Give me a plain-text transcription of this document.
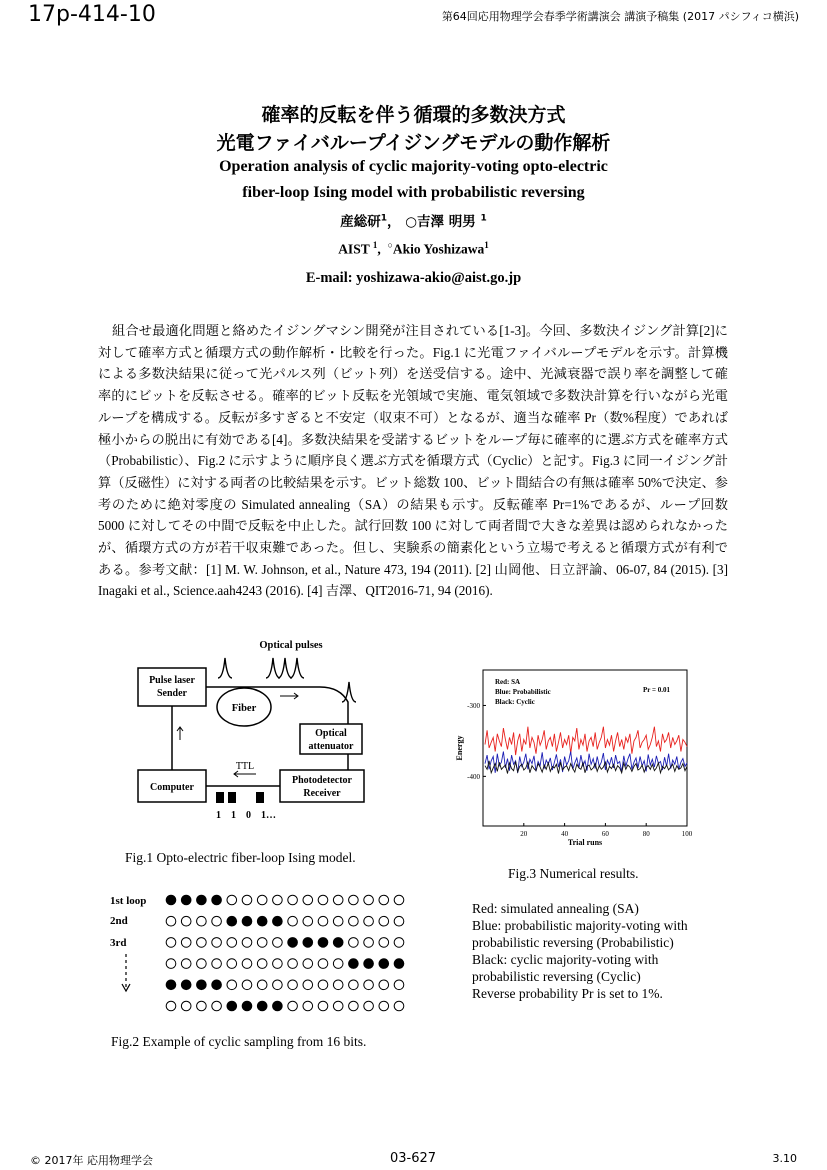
17p-414-10	第64回応用物理学会春季学術講演会 講演予稿集 (2017 パシフィコ横浜)
確率的反転を伴う循環的多数決方式
光電ファイバループイジングモデルの動作解析
Operation analysis of cyclic majority-voting opto-electric
fiber-loop Ising model with probabilistic reversing
産総研$^1$， ○吉澤 明男 $^1$
AIST $^1$, ○Akio Yoshizawa$^1$
E-mail: yoshizawa-akio@aist.go.jp

組合せ最適化問題と絡めたイジングマシン開発が注目されている[1-3]。今回、多数決イジング計算[2]に対して確率方式と循環方式の動作解析・比較を行った。Fig.1 に光電ファイバループモデルを示す。計算機による多数決結果に従って光パルス列（ビット列）を送受信する。途中、光減衰器で誤り率を調整して確率的にビットを反転させる。確率的ビット反転を光領域で実施、電気領域で多数決計算を行いながら光電ループを構成する。反転が多すぎると不安定（収束不可）となるが、適当な確率 Pr（数%程度）であれば極小からの脱出に有効である[4]。多数決結果を受諾するビットをループ毎に確率的に選ぶ方式を確率方式（Probabilistic）、Fig.2 に示すように順序良く選ぶ方式を循環方式（Cyclic）と記す。Fig.3 に同一イジング計算（反磁性）に対する両者の比較結果を示す。ビット総数 100、ビット間結合の有無は確率 50%で決定、参考のために絶対零度の Simulated annealing（SA）の結果も示す。反転確率 Pr=1%であるが、ループ回数 5000 に対してその中間で反転を中止した。試行回数 100 に対して両者間で大きな差異は認められなかったが、循環方式の方が若干収束難であった。但し、実験系の簡素化という立場で考えると循環方式が有利である。参考文献：[1] M. W. Johnson, et al., Nature 473, 194 (2011). [2] 山岡他、日立評論、06-07, 84 (2015). [3] Inagaki et al., Science.aah4243 (2016). [4] 吉澤、QIT2016-71, 94 (2016).

Optical pulses
Pulse laser
Sender
Fiber
Optical
attenuator
Photodetector
Receiver
Computer
TTL
1　1　0　1…
Fig.1 Opto-electric fiber-loop Ising model.
20	40	60	80	100
-300
-400
Red: SA
Blue: Probabilistic
Black: Cyclic
Pr = 0.01
Trial runs
Energy
Fig.3 Numerical results.
Red: simulated annealing (SA)
Blue: probabilistic majority-voting with
probabilistic reversing (Probabilistic)
Black: cyclic majority-voting with
probabilistic reversing (Cyclic)
Reverse probability Pr is set to 1%.
1st loop
2nd
3rd
Fig.2 Example of cyclic sampling from 16 bits.
© 2017年 応用物理学会	03-627	3.10
